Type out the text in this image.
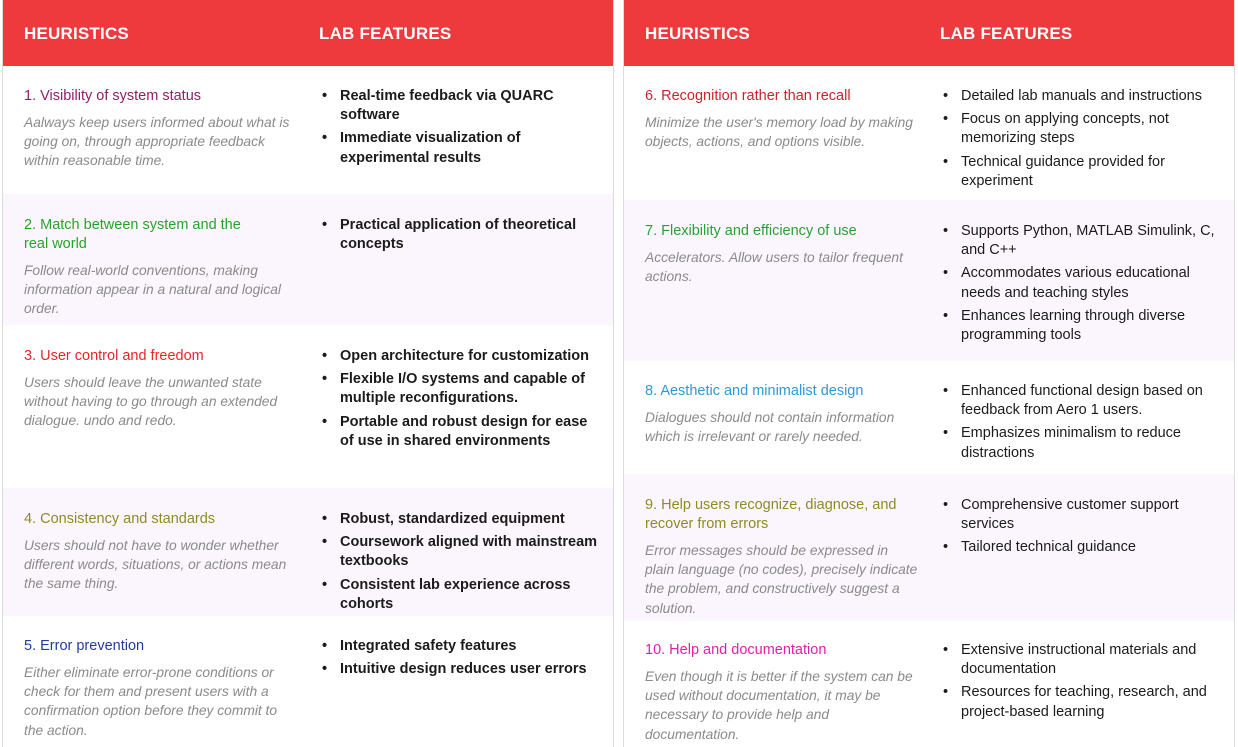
HEURISTICS	LAB FEATURES
1. Visibility of system status
Aalways keep users informed about what is going on, through appropriate feedback within reasonable time.
• Real-time feedback via QUARC software
• Immediate visualization of experimental results
2. Match between system and the real world
Follow real-world conventions, making information appear in a natural and logical order.
• Practical application of theoretical concepts
3. User control and freedom
Users should leave the unwanted state without having to go through an extended dialogue. undo and redo.
• Open architecture for customization
• Flexible I/O systems and capable of multiple reconfigurations.
• Portable and robust design for ease of use in shared environments
4. Consistency and standards
Users should not have to wonder whether different words, situations, or actions mean the same thing.
• Robust, standardized equipment
• Coursework aligned with mainstream textbooks
• Consistent lab experience across cohorts
5. Error prevention
Either eliminate error-prone conditions or check for them and present users with a confirmation option before they commit to the action.
• Integrated safety features
• Intuitive design reduces user errors
HEURISTICS	LAB FEATURES
6. Recognition rather than recall
Minimize the user's memory load by making objects, actions, and options visible.
• Detailed lab manuals and instructions
• Focus on applying concepts, not memorizing steps
• Technical guidance provided for experiment
7. Flexibility and efficiency of use
Accelerators. Allow users to tailor frequent actions.
• Supports Python, MATLAB Simulink, C, and C++
• Accommodates various educational needs and teaching styles
• Enhances learning through diverse programming tools
8. Aesthetic and minimalist design
Dialogues should not contain information which is irrelevant or rarely needed.
• Enhanced functional design based on feedback from Aero 1 users.
• Emphasizes minimalism to reduce distractions
9. Help users recognize, diagnose, and recover from errors
Error messages should be expressed in plain language (no codes), precisely indicate the problem, and constructively suggest a solution.
• Comprehensive customer support services
• Tailored technical guidance
10. Help and documentation
Even though it is better if the system can be used without documentation, it may be necessary to provide help and documentation.
• Extensive instructional materials and documentation
• Resources for teaching, research, and project-based learning
